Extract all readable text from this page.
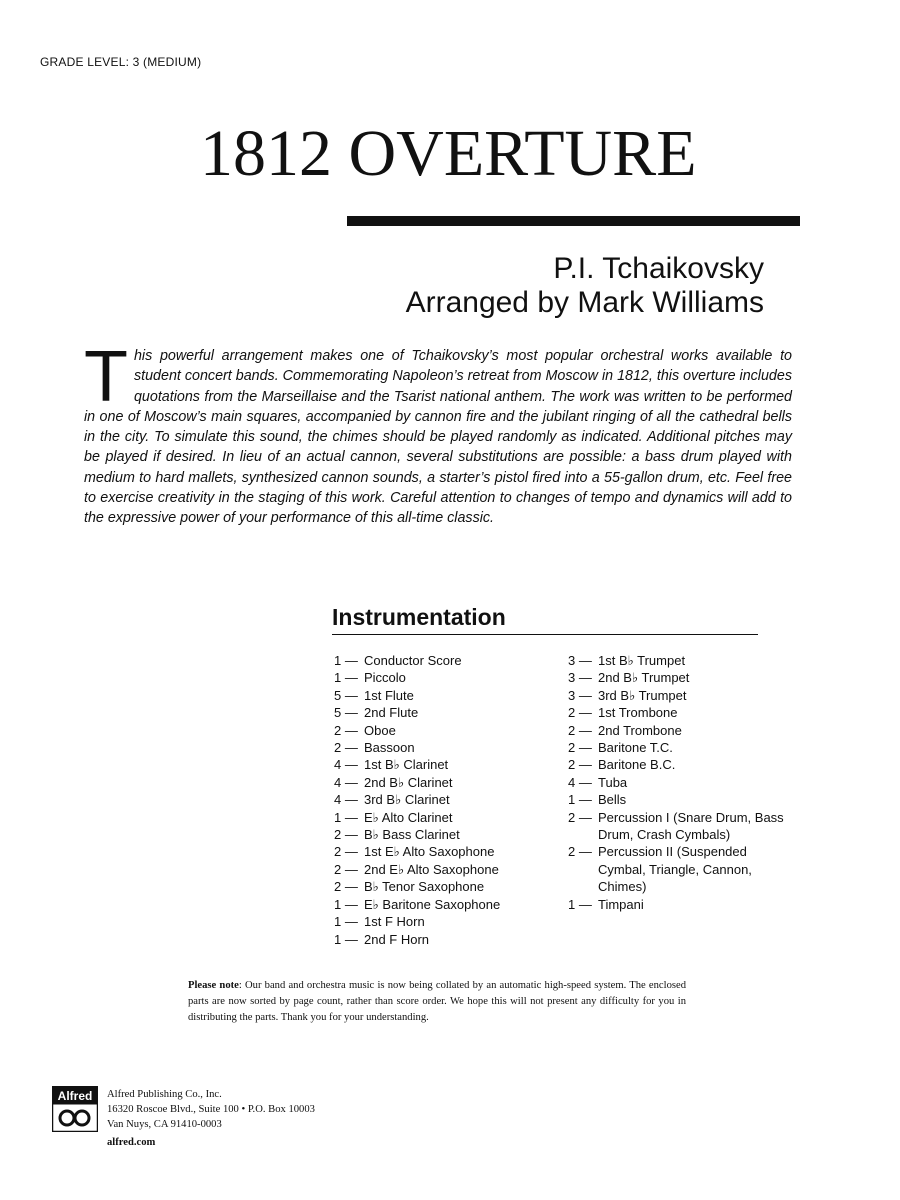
GRADE LEVEL: 3 (MEDIUM)
1812 OVERTURE
P.I. Tchaikovsky
Arranged by Mark Williams
This powerful arrangement makes one of Tchaikovsky’s most popular orchestral works available to student concert bands. Commemorating Napoleon’s retreat from Moscow in 1812, this overture includes quotations from the Marseillaise and the Tsarist national anthem. The work was written to be performed in one of Moscow’s main squares, accompanied by cannon fire and the jubilant ringing of all the cathedral bells in the city. To simulate this sound, the chimes should be played randomly as indicated. Additional pitches may be played if desired. In lieu of an actual cannon, several substitutions are possible: a bass drum played with medium to hard mallets, synthesized cannon sounds, a starter’s pistol fired into a 55-gallon drum, etc. Feel free to exercise creativity in the staging of this work. Careful attention to changes of tempo and dynamics will add to the expressive power of your performance of this all-time classic.
Instrumentation
1 — Conductor Score
1 — Piccolo
5 — 1st Flute
5 — 2nd Flute
2 — Oboe
2 — Bassoon
4 — 1st B♭ Clarinet
4 — 2nd B♭ Clarinet
4 — 3rd B♭ Clarinet
1 — E♭ Alto Clarinet
2 — B♭ Bass Clarinet
2 — 1st E♭ Alto Saxophone
2 — 2nd E♭ Alto Saxophone
2 — B♭ Tenor Saxophone
1 — E♭ Baritone Saxophone
1 — 1st F Horn
1 — 2nd F Horn
3 — 1st B♭ Trumpet
3 — 2nd B♭ Trumpet
3 — 3rd B♭ Trumpet
2 — 1st Trombone
2 — 2nd Trombone
2 — Baritone T.C.
2 — Baritone B.C.
4 — Tuba
1 — Bells
2 — Percussion I (Snare Drum, Bass Drum, Crash Cymbals)
2 — Percussion II (Suspended Cymbal, Triangle, Cannon, Chimes)
1 — Timpani
Please note: Our band and orchestra music is now being collated by an automatic high-speed system. The enclosed parts are now sorted by page count, rather than score order. We hope this will not present any difficulty for you in distributing the parts. Thank you for your understanding.
Alfred Alfred Publishing Co., Inc.
16320 Roscoe Blvd., Suite 100 • P.O. Box 10003
Van Nuys, CA 91410-0003
alfred.com
